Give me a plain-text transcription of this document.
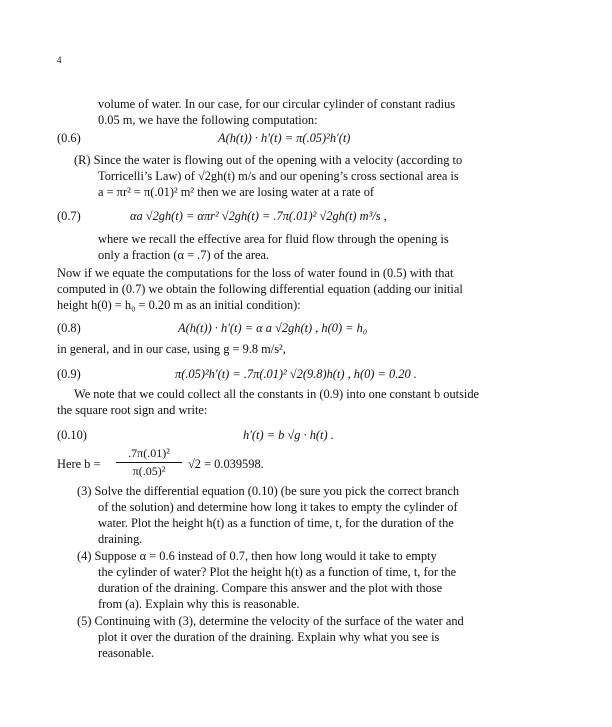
4
volume of water. In our case, for our circular cylinder of constant radius
0.05 m, we have the following computation:
(0.6)	A(h(t)) · h′(t) = π(.05)²h′(t)
(R) Since the water is flowing out of the opening with a velocity (according to
Torricelli’s Law) of √2gh(t) m/s and our opening’s cross sectional area is
a = πr² = π(.01)² m² then we are losing water at a rate of
(0.7)	αa √2gh(t) = απr² √2gh(t) = .7π(.01)² √2gh(t) m³/s ,
where we recall the effective area for fluid flow through the opening is
only a fraction (α = .7) of the area.
Now if we equate the computations for the loss of water found in (0.5) with that
computed in (0.7) we obtain the following differential equation (adding our initial
height h(0) = h₀ = 0.20 m as an initial condition):
(0.8)	A(h(t)) · h′(t) = α a √2gh(t) , h(0) = h₀
in general, and in our case, using g = 9.8 m/s²,
(0.9)	π(.05)²h′(t) = .7π(.01)² √2(9.8)h(t) , h(0) = 0.20 .
We note that we could collect all the constants in (0.9) into one constant b outside
the square root sign and write:
(0.10)	h′(t) = b √g · h(t) .
Here b =
.7π(.01)²
π(.05)²	√2 = 0.039598.
(3) Solve the differential equation (0.10) (be sure you pick the correct branch
of the solution) and determine how long it takes to empty the cylinder of
water. Plot the height h(t) as a function of time, t, for the duration of the
draining.
(4) Suppose α = 0.6 instead of 0.7, then how long would it take to empty
the cylinder of water? Plot the height h(t) as a function of time, t, for the
duration of the draining. Compare this answer and the plot with those
from (a). Explain why this is reasonable.
(5) Continuing with (3), determine the velocity of the surface of the water and
plot it over the duration of the draining. Explain why what you see is
reasonable.
